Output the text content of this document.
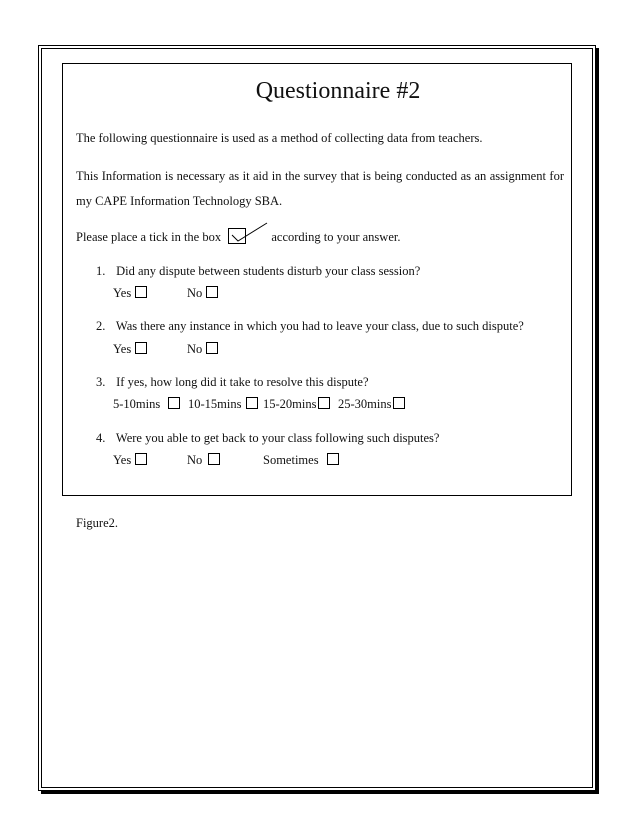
Questionnaire #2
The following questionnaire is used as a method of collecting data from teachers.
This Information is necessary as it aid in the survey that is being conducted as an assignment for my CAPE Information Technology SBA.
Please place a tick in the box	according to your answer.
1. Did any dispute between students disturb your class session?
Yes	No
2. Was there any instance in which you had to leave your class, due to such dispute?
Yes	No
3. If yes, how long did it take to resolve this dispute?
5-10mins	10-15mins	15-20mins	25-30mins
4. Were you able to get back to your class following such disputes?
Yes	No	Sometimes
Figure2.
